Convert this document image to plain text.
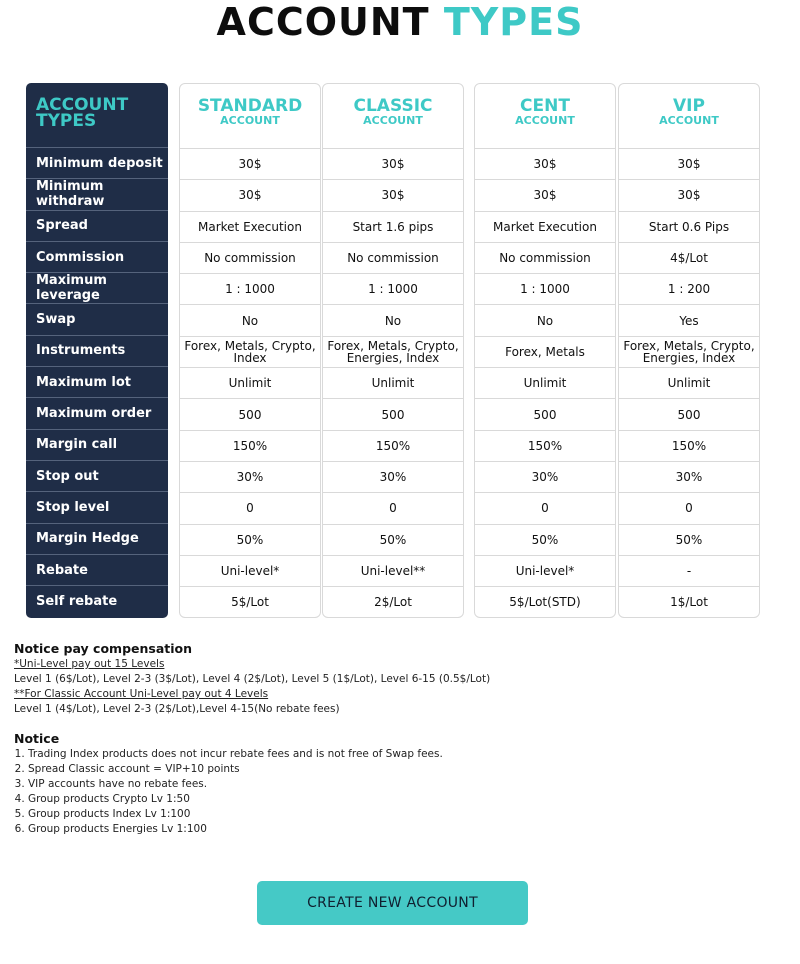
ACCOUNT TYPES
ACCOUNT
TYPES
Minimum deposit
Minimum withdraw
Spread
Commission
Maximum leverage
Swap
Instruments
Maximum lot
Maximum order
Margin call
Stop out
Stop level
Margin Hedge
Rebate
Self rebate
STANDARD
ACCOUNT
30$
30$
Market Execution
No commission
1 : 1000
No
Forex, Metals, Crypto, Index
Unlimit
500
150%
30%
0
50%
Uni-level*
5$/Lot
CLASSIC
ACCOUNT
30$
30$
Start 1.6 pips
No commission
1 : 1000
No
Forex, Metals, Crypto, Energies, Index
Unlimit
500
150%
30%
0
50%
Uni-level**
2$/Lot
CENT
ACCOUNT
30$
30$
Market Execution
No commission
1 : 1000
No
Forex, Metals
Unlimit
500
150%
30%
0
50%
Uni-level*
5$/Lot(STD)
VIP
ACCOUNT
30$
30$
Start 0.6 Pips
4$/Lot
1 : 200
Yes
Forex, Metals, Crypto, Energies, Index
Unlimit
500
150%
30%
0
50%
-
1$/Lot
Notice pay compensation
*Uni-Level pay out 15 Levels
Level 1 (6$/Lot), Level 2-3 (3$/Lot), Level 4 (2$/Lot), Level 5 (1$/Lot), Level 6-15 (0.5$/Lot)
**For Classic Account Uni-Level pay out 4 Levels
Level 1 (4$/Lot), Level 2-3 (2$/Lot),Level 4-15(No rebate fees)
Notice
1. Trading Index products does not incur rebate fees and is not free of Swap fees.
2. Spread Classic account = VIP+10 points
3. VIP accounts have no rebate fees.
4. Group products Crypto Lv 1:50
5. Group products Index Lv 1:100
6. Group products Energies Lv 1:100
CREATE NEW ACCOUNT
